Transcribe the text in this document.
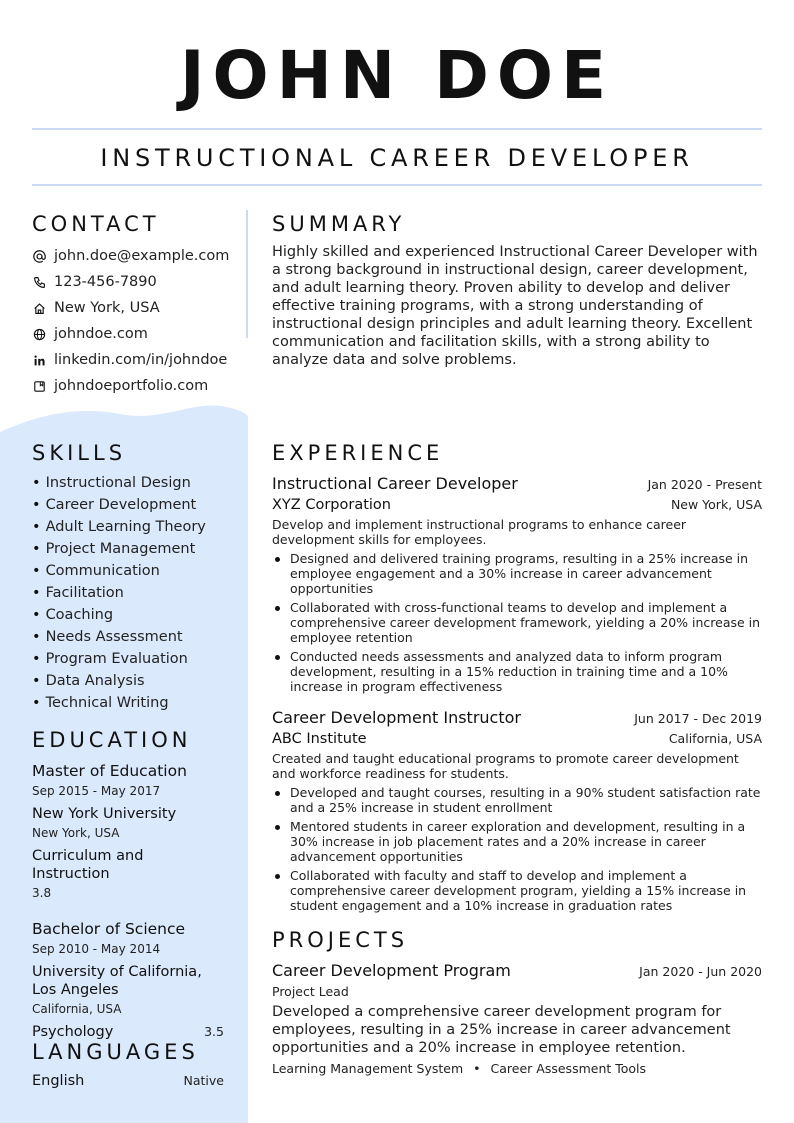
JOHN DOE
INSTRUCTIONAL CAREER DEVELOPER
CONTACT
john.doe@example.com
123-456-7890
New York, USA
johndoe.com
linkedin.com/in/johndoe
johndoeportfolio.com
SKILLS
• Instructional Design
• Career Development
• Adult Learning Theory
• Project Management
• Communication
• Facilitation
• Coaching
• Needs Assessment
• Program Evaluation
• Data Analysis
• Technical Writing
EDUCATION
Master of Education
Sep 2015 - May 2017
New York University
New York, USA
Curriculum and Instruction
3.8
Bachelor of Science
Sep 2010 - May 2014
University of California, Los Angeles
California, USA
Psychology	3.5
LANGUAGES
English	Native
SUMMARY

Highly skilled and experienced Instructional Career Developer with a strong background in instructional design, career development, and adult learning theory. Proven ability to develop and deliver effective training programs, with a strong understanding of instructional design principles and adult learning theory. Excellent communication and facilitation skills, with a strong ability to analyze data and solve problems.

EXPERIENCE
Instructional Career Developer	Jan 2020 - Present
XYZ Corporation	New York, USA
Develop and implement instructional programs to enhance career development skills for employees.
Designed and delivered training programs, resulting in a 25% increase in employee engagement and a 30% increase in career advancement opportunities
Collaborated with cross-functional teams to develop and implement a comprehensive career development framework, yielding a 20% increase in employee retention
Conducted needs assessments and analyzed data to inform program development, resulting in a 15% reduction in training time and a 10% increase in program effectiveness
Career Development Instructor	Jun 2017 - Dec 2019
ABC Institute	California, USA
Created and taught educational programs to promote career development and workforce readiness for students.
Developed and taught courses, resulting in a 90% student satisfaction rate and a 25% increase in student enrollment
Mentored students in career exploration and development, resulting in a 30% increase in job placement rates and a 20% increase in career advancement opportunities
Collaborated with faculty and staff to develop and implement a comprehensive career development program, yielding a 15% increase in student engagement and a 10% increase in graduation rates
PROJECTS
Career Development Program	Jan 2020 - Jun 2020
Project Lead
Developed a comprehensive career development program for employees, resulting in a 25% increase in career advancement opportunities and a 20% increase in employee retention.
Learning Management System • Career Assessment Tools
